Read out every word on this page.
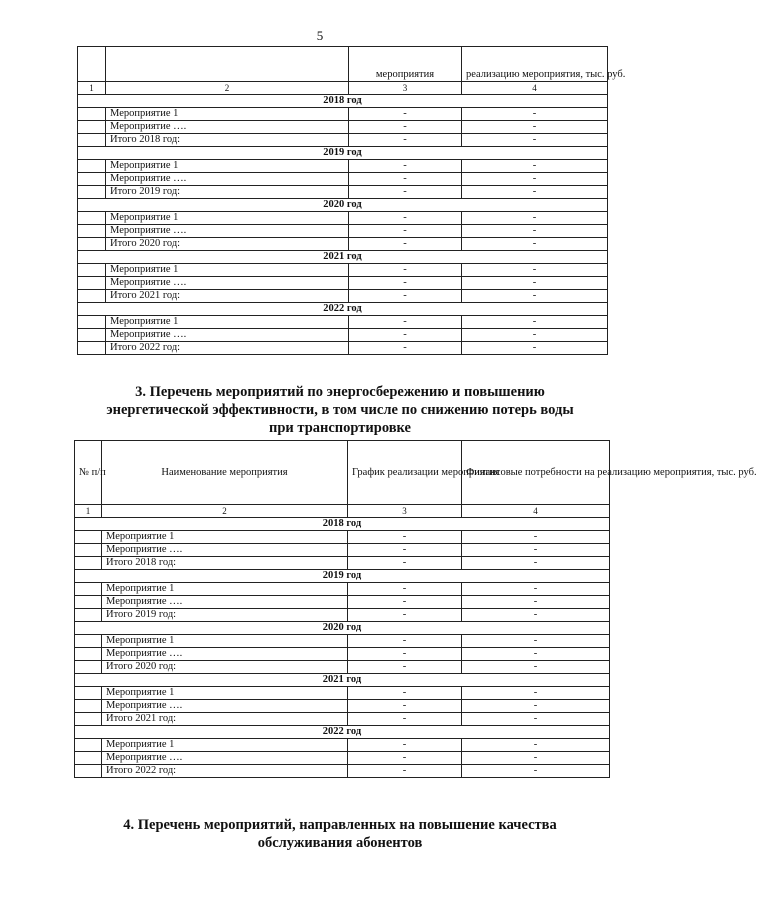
5
		мероприятия	реализацию мероприятия, тыс. руб.
1	2	3	4
2018 год			
	Мероприятие 1	-	-
	Мероприятие ….	-	-
	Итого 2018 год:	-	-
2019 год			
	Мероприятие 1	-	-
	Мероприятие ….	-	-
	Итого 2019 год:	-	-
2020 год			
	Мероприятие 1	-	-
	Мероприятие ….	-	-
	Итого 2020 год:	-	-
2021 год			
	Мероприятие 1	-	-
	Мероприятие ….	-	-
	Итого 2021 год:	-	-
2022 год			
	Мероприятие 1	-	-
	Мероприятие ….	-	-
	Итого 2022 год:	-	-
3. Перечень мероприятий по энергосбережению и повышению
энергетической эффективности, в том числе по снижению потерь воды
при транспортировке
№ п/п	Наименование мероприятия	График реализации мероприятия	Финансовые потребности на реализацию мероприятия, тыс. руб.
1	2	3	4
2018 год			
	Мероприятие 1	-	-
	Мероприятие ….	-	-
	Итого 2018 год:	-	-
2019 год			
	Мероприятие 1	-	-
	Мероприятие ….	-	-
	Итого 2019 год:	-	-
2020 год			
	Мероприятие 1	-	-
	Мероприятие ….	-	-
	Итого 2020 год:	-	-
2021 год			
	Мероприятие 1	-	-
	Мероприятие ….	-	-
	Итого 2021 год:	-	-
2022 год			
	Мероприятие 1	-	-
	Мероприятие ….	-	-
	Итого 2022 год:	-	-
4. Перечень мероприятий, направленных на повышение качества
обслуживания абонентов
